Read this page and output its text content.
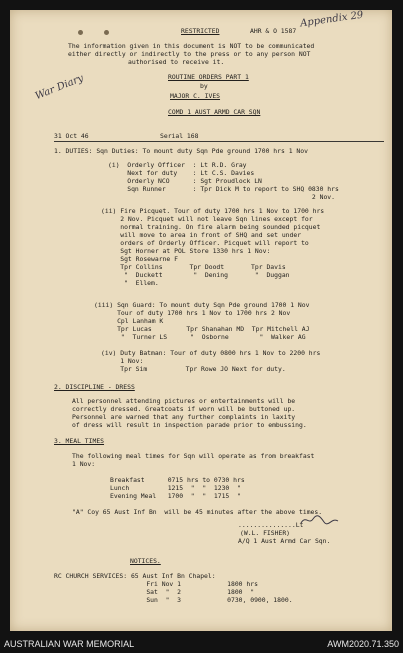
RESTRICTED	AHR & O 1587
Appendix 29
The information given in this document is NOT to be communicated
either directly or indirectly to the press or to any person NOT
authorised to receive it.
War Diary	ROUTINE ORDERS PART 1
by
MAJOR C. IVES
COMD 1 AUST ARMD CAR SQN
31 Oct 46	Serial 168
1. DUTIES: Sqn Duties: To mount duty Sqn Pde ground 1700 hrs 1 Nov
(i)  Orderly Officer  : Lt R.D. Gray
Next for duty    : Lt C.S. Davies
Orderly NCO      : Sgt Proudlock LN
Sqn Runner       : Tpr Dick M to report to SHQ 0830 hrs
2 Nov.
(ii) Fire Picquet. Tour of duty 1700 hrs 1 Nov to 1700 hrs
2 Nov. Picquet will not leave Sqn lines except for
normal training. On fire alarm being sounded picquet
will move to area in front of SHQ and set under
orders of Orderly Officer. Picquet will report to
Sgt Horner at POL Store 1330 hrs 1 Nov:
Sgt Rosewarne F
Tpr Collins       Tpr Doodt       Tpr Davis
"  Duckett        "  Dening       "  Duggan
"  Ellem.
(iii) Sqn Guard: To mount duty Sqn Pde ground 1700 1 Nov
Tour of duty 1700 hrs 1 Nov to 1700 hrs 2 Nov
Cpl Lanham K
Tpr Lucas         Tpr Shanahan MD  Tpr Mitchell AJ
"  Turner LS      "  Osborne        "  Walker AG
(iv) Duty Batman: Tour of duty 0800 hrs 1 Nov to 2200 hrs
1 Nov:
Tpr Sim          Tpr Rowe JO Next for duty.
2. DISCIPLINE - DRESS
All personnel attending pictures or entertainments will be
correctly dressed. Greatcoats if worn will be buttoned up.
Personnel are warned that any further complaints in laxity
of dress will result in inspection parade prior to embussing.
3. MEAL TIMES
The following meal times for Sqn will operate as from breakfast
1 Nov:
Breakfast      0715 hrs to 0730 hrs
Lunch          1215  "  "  1230  "
Evening Meal   1700  "  "  1715  "
"A" Coy 65 Aust Inf Bn  will be 45 minutes after the above times.
...............Lt
(W.L. FISHER)
A/Q 1 Aust Armd Car Sqn.
NOTICES.
RC CHURCH SERVICES: 65 Aust Inf Bn Chapel:
Fri Nov 1            1800 hrs
Sat  "  2            1800  "
Sun  "  3            0730, 0900, 1800.
AUSTRALIAN WAR MEMORIAL	AWM2020.71.350
